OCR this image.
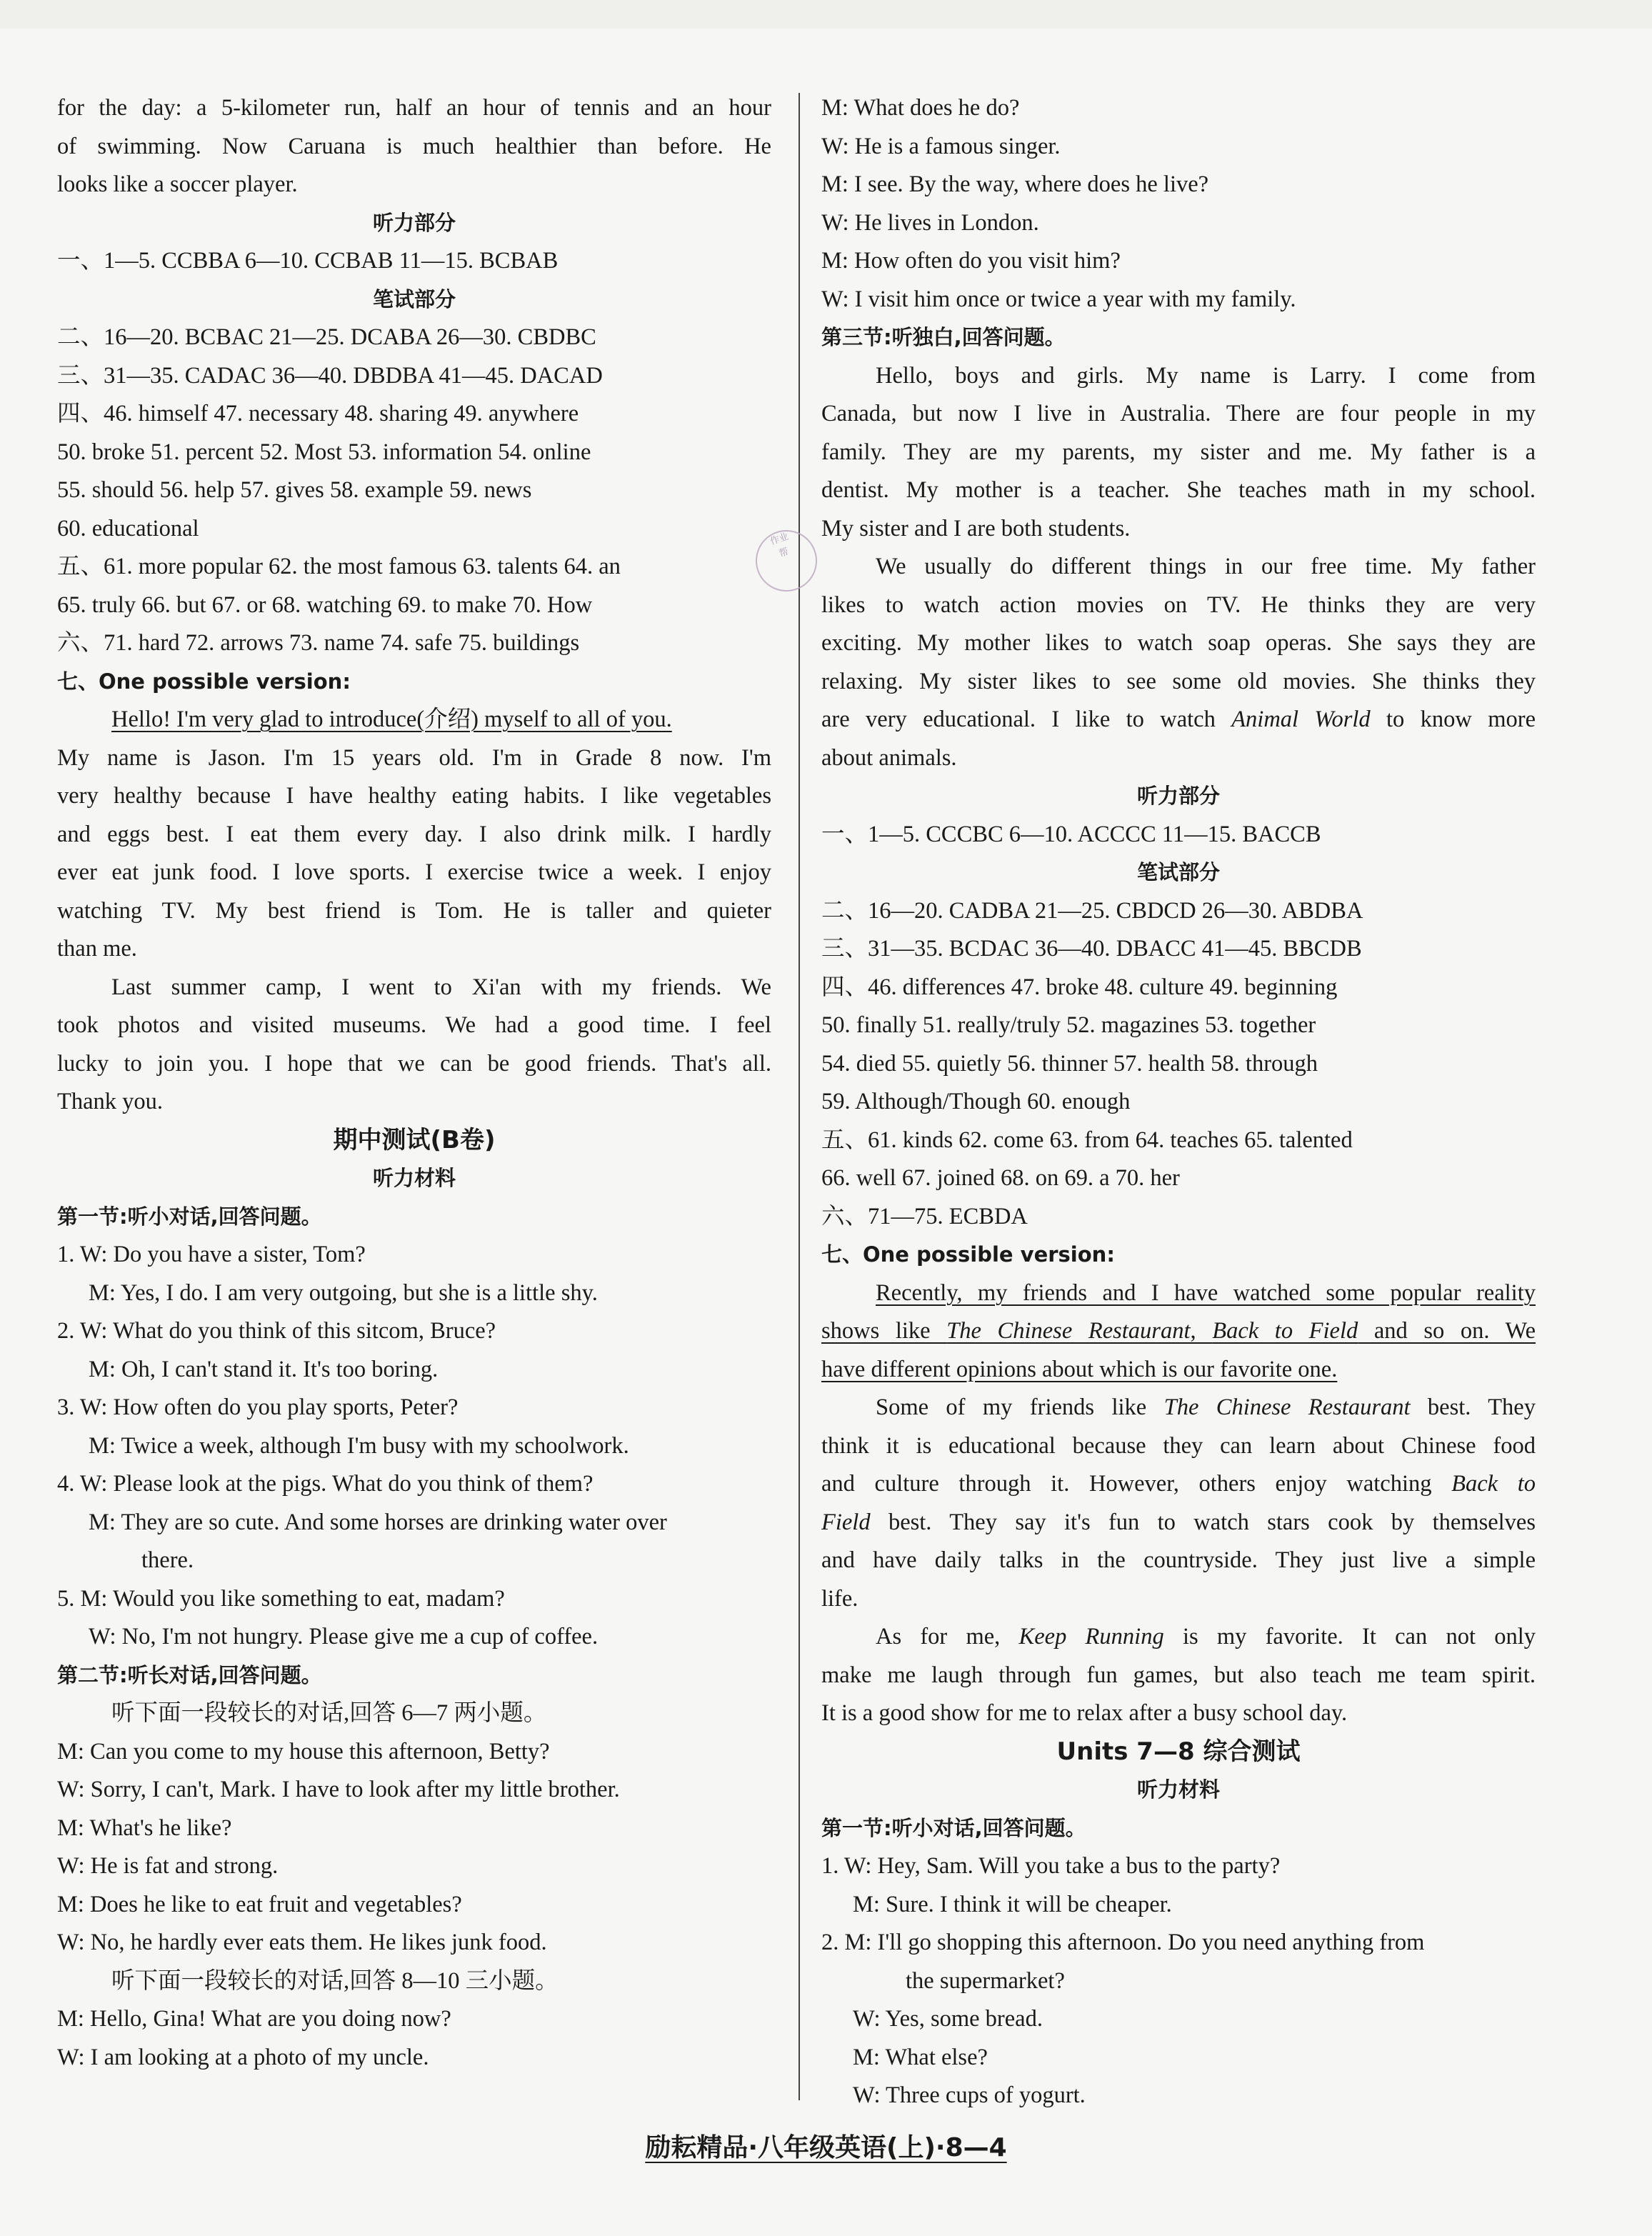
for the day: a 5-kilometer run, half an hour of tennis and an hour
of swimming. Now Caruana is much healthier than before. He
looks like a soccer player.
听力部分
一、1—5. CCBBA 6—10. CCBAB 11—15. BCBAB
笔试部分
二、16—20. BCBAC 21—25. DCABA 26—30. CBDBC
三、31—35. CADAC 36—40. DBDBA 41—45. DACAD
四、46. himself 47. necessary 48. sharing 49. anywhere
50. broke 51. percent 52. Most 53. information 54. online
55. should 56. help 57. gives 58. example 59. news
60. educational
五、61. more popular 62. the most famous 63. talents 64. an
65. truly 66. but 67. or 68. watching 69. to make 70. How
六、71. hard 72. arrows 73. name 74. safe 75. buildings
七、One possible version:
Hello! I'm very glad to introduce(介绍) myself to all of you.
My name is Jason. I'm 15 years old. I'm in Grade 8 now. I'm
very healthy because I have healthy eating habits. I like vegetables
and eggs best. I eat them every day. I also drink milk. I hardly
ever eat junk food. I love sports. I exercise twice a week. I enjoy
watching TV. My best friend is Tom. He is taller and quieter
than me.
Last summer camp, I went to Xi'an with my friends. We
took photos and visited museums. We had a good time. I feel
lucky to join you. I hope that we can be good friends. That's all.
Thank you.
期中测试(B卷)
听力材料
第一节:听小对话,回答问题。
1. W: Do you have a sister, Tom?
M: Yes, I do. I am very outgoing, but she is a little shy.
2. W: What do you think of this sitcom, Bruce?
M: Oh, I can't stand it. It's too boring.
3. W: How often do you play sports, Peter?
M: Twice a week, although I'm busy with my schoolwork.
4. W: Please look at the pigs. What do you think of them?
M: They are so cute. And some horses are drinking water over
there.
5. M: Would you like something to eat, madam?
W: No, I'm not hungry. Please give me a cup of coffee.
第二节:听长对话,回答问题。
听下面一段较长的对话,回答 6—7 两小题。
M: Can you come to my house this afternoon, Betty?
W: Sorry, I can't, Mark. I have to look after my little brother.
M: What's he like?
W: He is fat and strong.
M: Does he like to eat fruit and vegetables?
W: No, he hardly ever eats them. He likes junk food.
听下面一段较长的对话,回答 8—10 三小题。
M: Hello, Gina! What are you doing now?
W: I am looking at a photo of my uncle.
M: What does he do?
W: He is a famous singer.
M: I see. By the way, where does he live?
W: He lives in London.
M: How often do you visit him?
W: I visit him once or twice a year with my family.
第三节:听独白,回答问题。
Hello, boys and girls. My name is Larry. I come from
Canada, but now I live in Australia. There are four people in my
family. They are my parents, my sister and me. My father is a
dentist. My mother is a teacher. She teaches math in my school.
My sister and I are both students.
We usually do different things in our free time. My father
likes to watch action movies on TV. He thinks they are very
exciting. My mother likes to watch soap operas. She says they are
relaxing. My sister likes to see some old movies. She thinks they
are very educational. I like to watch Animal World to know more
about animals.
听力部分
一、1—5. CCCBC 6—10. ACCCC 11—15. BACCB
笔试部分
二、16—20. CADBA 21—25. CBDCD 26—30. ABDBA
三、31—35. BCDAC 36—40. DBACC 41—45. BBCDB
四、46. differences 47. broke 48. culture 49. beginning
50. finally 51. really/truly 52. magazines 53. together
54. died 55. quietly 56. thinner 57. health 58. through
59. Although/Though 60. enough
五、61. kinds 62. come 63. from 64. teaches 65. talented
66. well 67. joined 68. on 69. a 70. her
六、71—75. ECBDA
七、One possible version:
Recently, my friends and I have watched some popular reality
shows like The Chinese Restaurant, Back to Field and so on. We
have different opinions about which is our favorite one.
Some of my friends like The Chinese Restaurant best. They
think it is educational because they can learn about Chinese food
and culture through it. However, others enjoy watching Back to
Field best. They say it's fun to watch stars cook by themselves
and have daily talks in the countryside. They just live a simple
life.
As for me, Keep Running is my favorite. It can not only
make me laugh through fun games, but also teach me team spirit.
It is a good show for me to relax after a busy school day.
Units 7—8 综合测试
听力材料
第一节:听小对话,回答问题。
1. W: Hey, Sam. Will you take a bus to the party?
M: Sure. I think it will be cheaper.
2. M: I'll go shopping this afternoon. Do you need anything from
the supermarket?
W: Yes, some bread.
M: What else?
W: Three cups of yogurt.
作业
帮
励耘精品·八年级英语(上)·8—4
